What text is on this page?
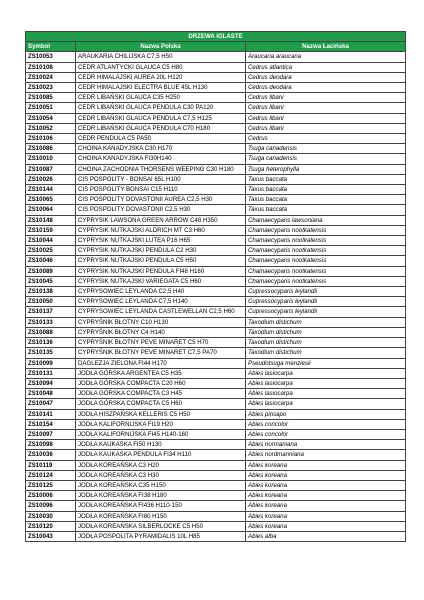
DRZEWA IGLASTE		
Symbol	Nazwa Polska	Nazwa Łacińska
ZS10053	ARAUKARIA CHILIJSKA C7,5 H50	Araucaria araucana
ZS10108	CEDR ATLANTYCKI GLAUCA C5 H80	Cedrus atlantica
ZS10024	CEDR HIMALAJSKI AUREA 20L H120	Cedrus deodara
ZS10023	CEDR HIMALAJSKI ELECTRA BLUE 45L H130	Cedrus deodara
ZS10085	CEDR LIBAŃSKI GLAUCA C35 H250	Cedrus libani
ZS10051	CEDR LIBAŃSKI GLAUCA PENDULA C30 PA120	Cedrus libani
ZS10054	CEDR LIBAŃSKI GLAUCA PENDULA C7,5 H125	Cedrus libani
ZS10052	CEDR LIBAŃSKI GLAUCA PENDULA C70 H180	Cedrus libani
ZS10106	CEDR PENDULA C5 PA50	Cedrus
ZS10086	CHOINA KANADYJSKA C30 H170	Tsuga canadensis
ZS10010	CHOINA KANADYJSKA FI30H140	Tsuga canadensis
ZS10087	CHOINA ZACHODNIA THORSENS WEEPING C30 H180	Tsuga heterophylla
ZS10026	CIS POSPOLITY - BONSAI 65L H100	Taxus baccata
ZS10144	CIS POSPOLITY BONSAI C15 H110	Taxus baccata
ZS10065	CIS POSPOLITY DOVASTONII AUREA C2,5 H30	Taxus baccata
ZS10064	CIS POSPOLITY DOVASTONII C2,5 H30	Taxus baccata
ZS10148	CYPRYSIK LAWSONA GREEN ARROW C48 H350	Chamaecyparis lawsoniana
ZS10159	CYPRYSIK NUTKAJSKI ALDRICH MT C3 H60	Chamaecyparis nootkatensis
ZS10044	CYPRYSIK NUTKAJSKI LUTEA P16 H65	Chamaecyparis nootkatensis
ZS10025	CYPRYSIK NUTKAJSKI PENDULA C2 H30	Chamaecyparis nootkatensis
ZS10046	CYPRYSIK NUTKAJSKI PENDULA C5 H50	Chamaecyparis nootkatensis
ZS10089	CYPRYSIK NUTKAJSKI PENDULA FI48 H160	Chamaecyparis nootkatensis
ZS10045	CYPRYSIK NUTKAJSKI VARIEGATA C5 H60	Chamaecyparis nootkatensis
ZS10138	CYPRYSOWIEC LEYLANDA C2,5 H40	Cupressocyparis leylandii
ZS10050	CYPRYSOWIEC LEYLANDA C7,5 H140	Cupressocyparis leylandii
ZS10137	CYPRYSOWIEC LEYLANDA CASTLEWELLAN C2,5 H60	Cupressocyparis leylandii
ZS10133	CYPRYŚNIK BŁOTNY C10 H130	Taxodium distichum
ZS10088	CYPRYŚNIK BŁOTNY C4 H140	Taxodium distichum
ZS10136	CYPRYŚNIK BŁOTNY PEVE MINARET C5 H70	Taxodium distichum
ZS10135	CYPRYŚNIK BŁOTNY PEVE MINARET C7,5 PA70	Taxodium distichum
ZS10099	DAGLEZJA ZIELONA FI44 H170	Pseudotsuga menziesii
ZS10131	JODŁA GÓRSKA ARGENTEA C5 H35	Abies lasiocarpa
ZS10094	JODŁA GÓRSKA COMPACTA C20 H60	Abies lasiocarpa
ZS10048	JODŁA GÓRSKA COMPACTA C3 H45	Abies lasiocarpa
ZS10047	JODŁA GÓRSKA COMPACTA C5 H60	Abies lasiocarpa
ZS10141	JODŁA HISZPAŃSKA KELLERIS C5 H50	Abies pinsapo
ZS10154	JODŁA KALIFORNIJSKA FI19 H20	Abies concolor
ZS10097	JODŁA KALIFORNIJSKA FI45 H140-160	Abies concolor
ZS10098	JODŁA KAUKASKA FI50 H130	Abies normaniana
ZS10036	JODŁA KAUKASKA PENDULA FI34 H110	Abies nordmanniana
ZS10119	JODŁA KOREAŃSKA C3 H20	Abies koreana
ZS10124	JODŁA KOREAŃSKA C3 H30	Abies koreana
ZS10125	JODŁA KOREAŃSKA C35 H150	Abies koreana
ZS10006	JODŁA KOREAŃSKA FI38 H180	Abies koreana
ZS10096	JODŁA KOREAŃSKA FI436 H110-150	Abies koreana
ZS10030	JODŁA KOREAŃSKA FI80 H150	Abies koreana
ZS10120	JODŁA KOREAŃSKA SILBERLOCKE C5 H50	Abies koreana
ZS10043	JODŁA POSPOLITA PYRAMIDALIS 10L H85	Abies alba
